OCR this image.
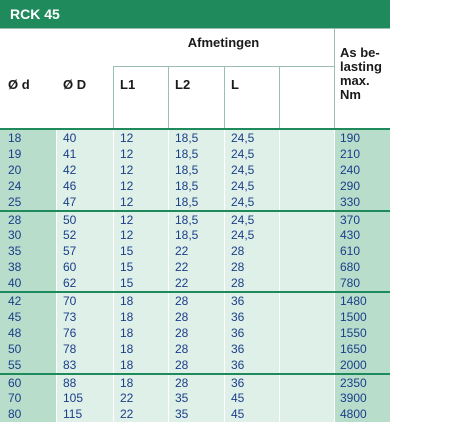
RCK 45
Afmetingen
Ø d	Ø D	L1	L2	L
As be-
lasting
max.
Nm
18	40	12	18,5	24,5	190
19	41	12	18,5	24,5	210
20	42	12	18,5	24,5	240
24	46	12	18,5	24,5	290
25	47	12	18,5	24,5	330
28	50	12	18,5	24,5	370
30	52	12	18,5	24,5	430
35	57	15	22	28	610
38	60	15	22	28	680
40	62	15	22	28	780
42	70	18	28	36	1480
45	73	18	28	36	1500
48	76	18	28	36	1550
50	78	18	28	36	1650
55	83	18	28	36	2000
60	88	18	28	36	2350
70	105	22	35	45	3900
80	115	22	35	45	4800
